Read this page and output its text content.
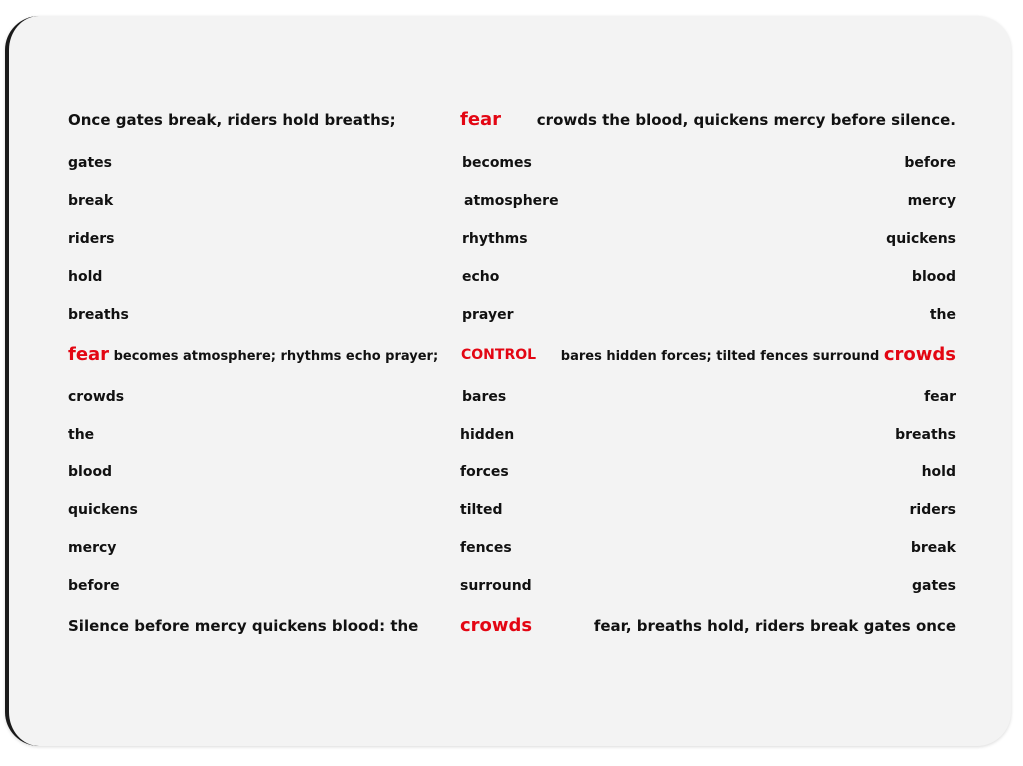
Once gates break, riders hold breaths;	fear crowds the blood, quickens mercy before silence.
gates	becomes	before
break	atmosphere	mercy
riders	rhythms	quickens
hold	echo	blood
breaths	prayer	the
fear becomes atmosphere; rhythms echo prayer; CONTROL bares hidden forces; tilted fences surround crowds
crowds	bares	fear
the	hidden	breaths
blood	forces	hold
quickens	tilted	riders
mercy	fences	break
before	surround	gates
Silence before mercy quickens blood: the crowds	fear, breaths hold, riders break gates once
